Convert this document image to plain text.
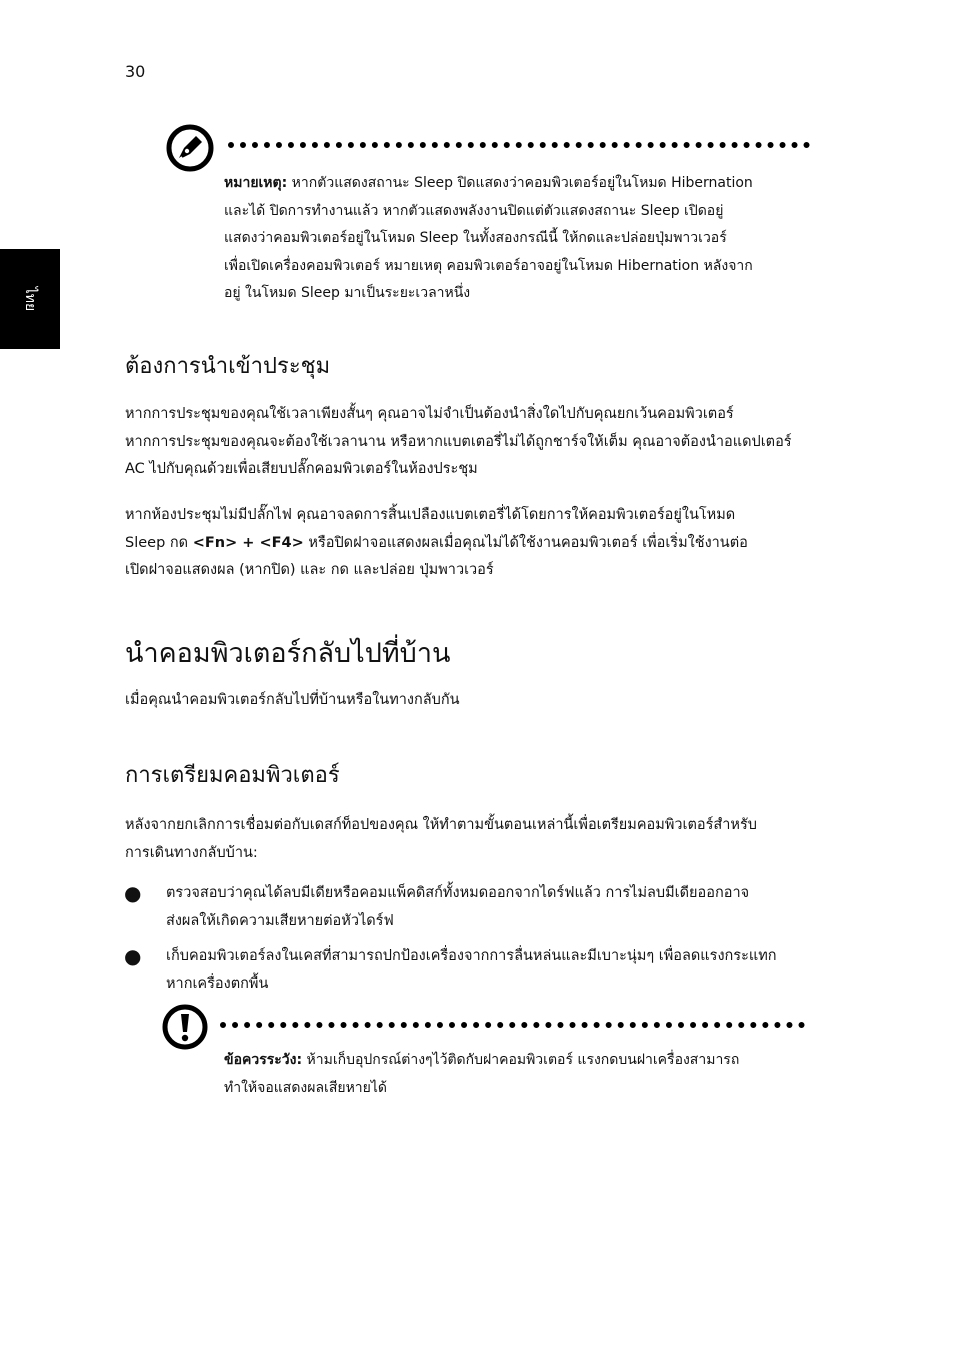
30
ไทย

หมายเหตุ: หากตัวแสดงสถานะ Sleep ปิดแสดงว่าคอมพิวเตอร์อยู่ในโหมด Hibernation

และได้ ปิดการทำงานแล้ว หากตัวแสดงพลังงานปิดแต่ตัวแสดงสถานะ Sleep เปิดอยู่

แสดงว่าคอมพิวเตอร์อยู่ในโหมด Sleep ในทั้งสองกรณีนี้ ให้กดและปล่อยปุ่มพาวเวอร์

เพื่อเปิดเครื่องคอมพิวเตอร์ หมายเหตุ คอมพิวเตอร์อาจอยู่ในโหมด Hibernation หลังจาก

อยู่ ในโหมด Sleep มาเป็นระยะเวลาหนึ่ง

ต้องการนำเข้าประชุม

หากการประชุมของคุณใช้เวลาเพียงสั้นๆ คุณอาจไม่จำเป็นต้องนำสิ่งใดไปกับคุณยกเว้นคอมพิวเตอร์

หากการประชุมของคุณจะต้องใช้เวลานาน หรือหากแบตเตอรี่ไม่ได้ถูกชาร์จให้เต็ม คุณอาจต้องนำอแดปเตอร์

AC ไปกับคุณด้วยเพื่อเสียบปลั๊กคอมพิวเตอร์ในห้องประชุม

หากห้องประชุมไม่มีปลั๊กไฟ คุณอาจลดการสิ้นเปลืองแบตเตอรี่ได้โดยการให้คอมพิวเตอร์อยู่ในโหมด

Sleep กด <Fn> + <F4> หรือปิดฝาจอแสดงผลเมื่อคุณไม่ได้ใช้งานคอมพิวเตอร์ เพื่อเริ่มใช้งานต่อ

เปิดฝาจอแสดงผล (หากปิด) และ กด และปล่อย ปุ่มพาวเวอร์

นำคอมพิวเตอร์กลับไปที่บ้าน
เมื่อคุณนำคอมพิวเตอร์กลับไปที่บ้านหรือในทางกลับกัน
การเตรียมคอมพิวเตอร์

หลังจากยกเลิกการเชื่อมต่อกับเดสก์ท็อปของคุณ ให้ทำตามขั้นตอนเหล่านี้เพื่อเตรียมคอมพิวเตอร์สำหรับ

การเดินทางกลับบ้าน:

● ตรวจสอบว่าคุณได้ลบมีเดียหรือคอมแพ็คดิสก์ทั้งหมดออกจากไดร์ฟแล้ว การไม่ลบมีเดียออกอาจ

ส่งผลให้เกิดความเสียหายต่อหัวไดร์ฟ

● เก็บคอมพิวเตอร์ลงในเคสที่สามารถปกป้องเครื่องจากการลื่นหล่นและมีเบาะนุ่มๆ เพื่อลดแรงกระแทก

หากเครื่องตกพื้น

ข้อควรระวัง: ห้ามเก็บอุปกรณ์ต่างๆไว้ติดกับฝาคอมพิวเตอร์ แรงกดบนฝาเครื่องสามารถ

ทำให้จอแสดงผลเสียหายได้
